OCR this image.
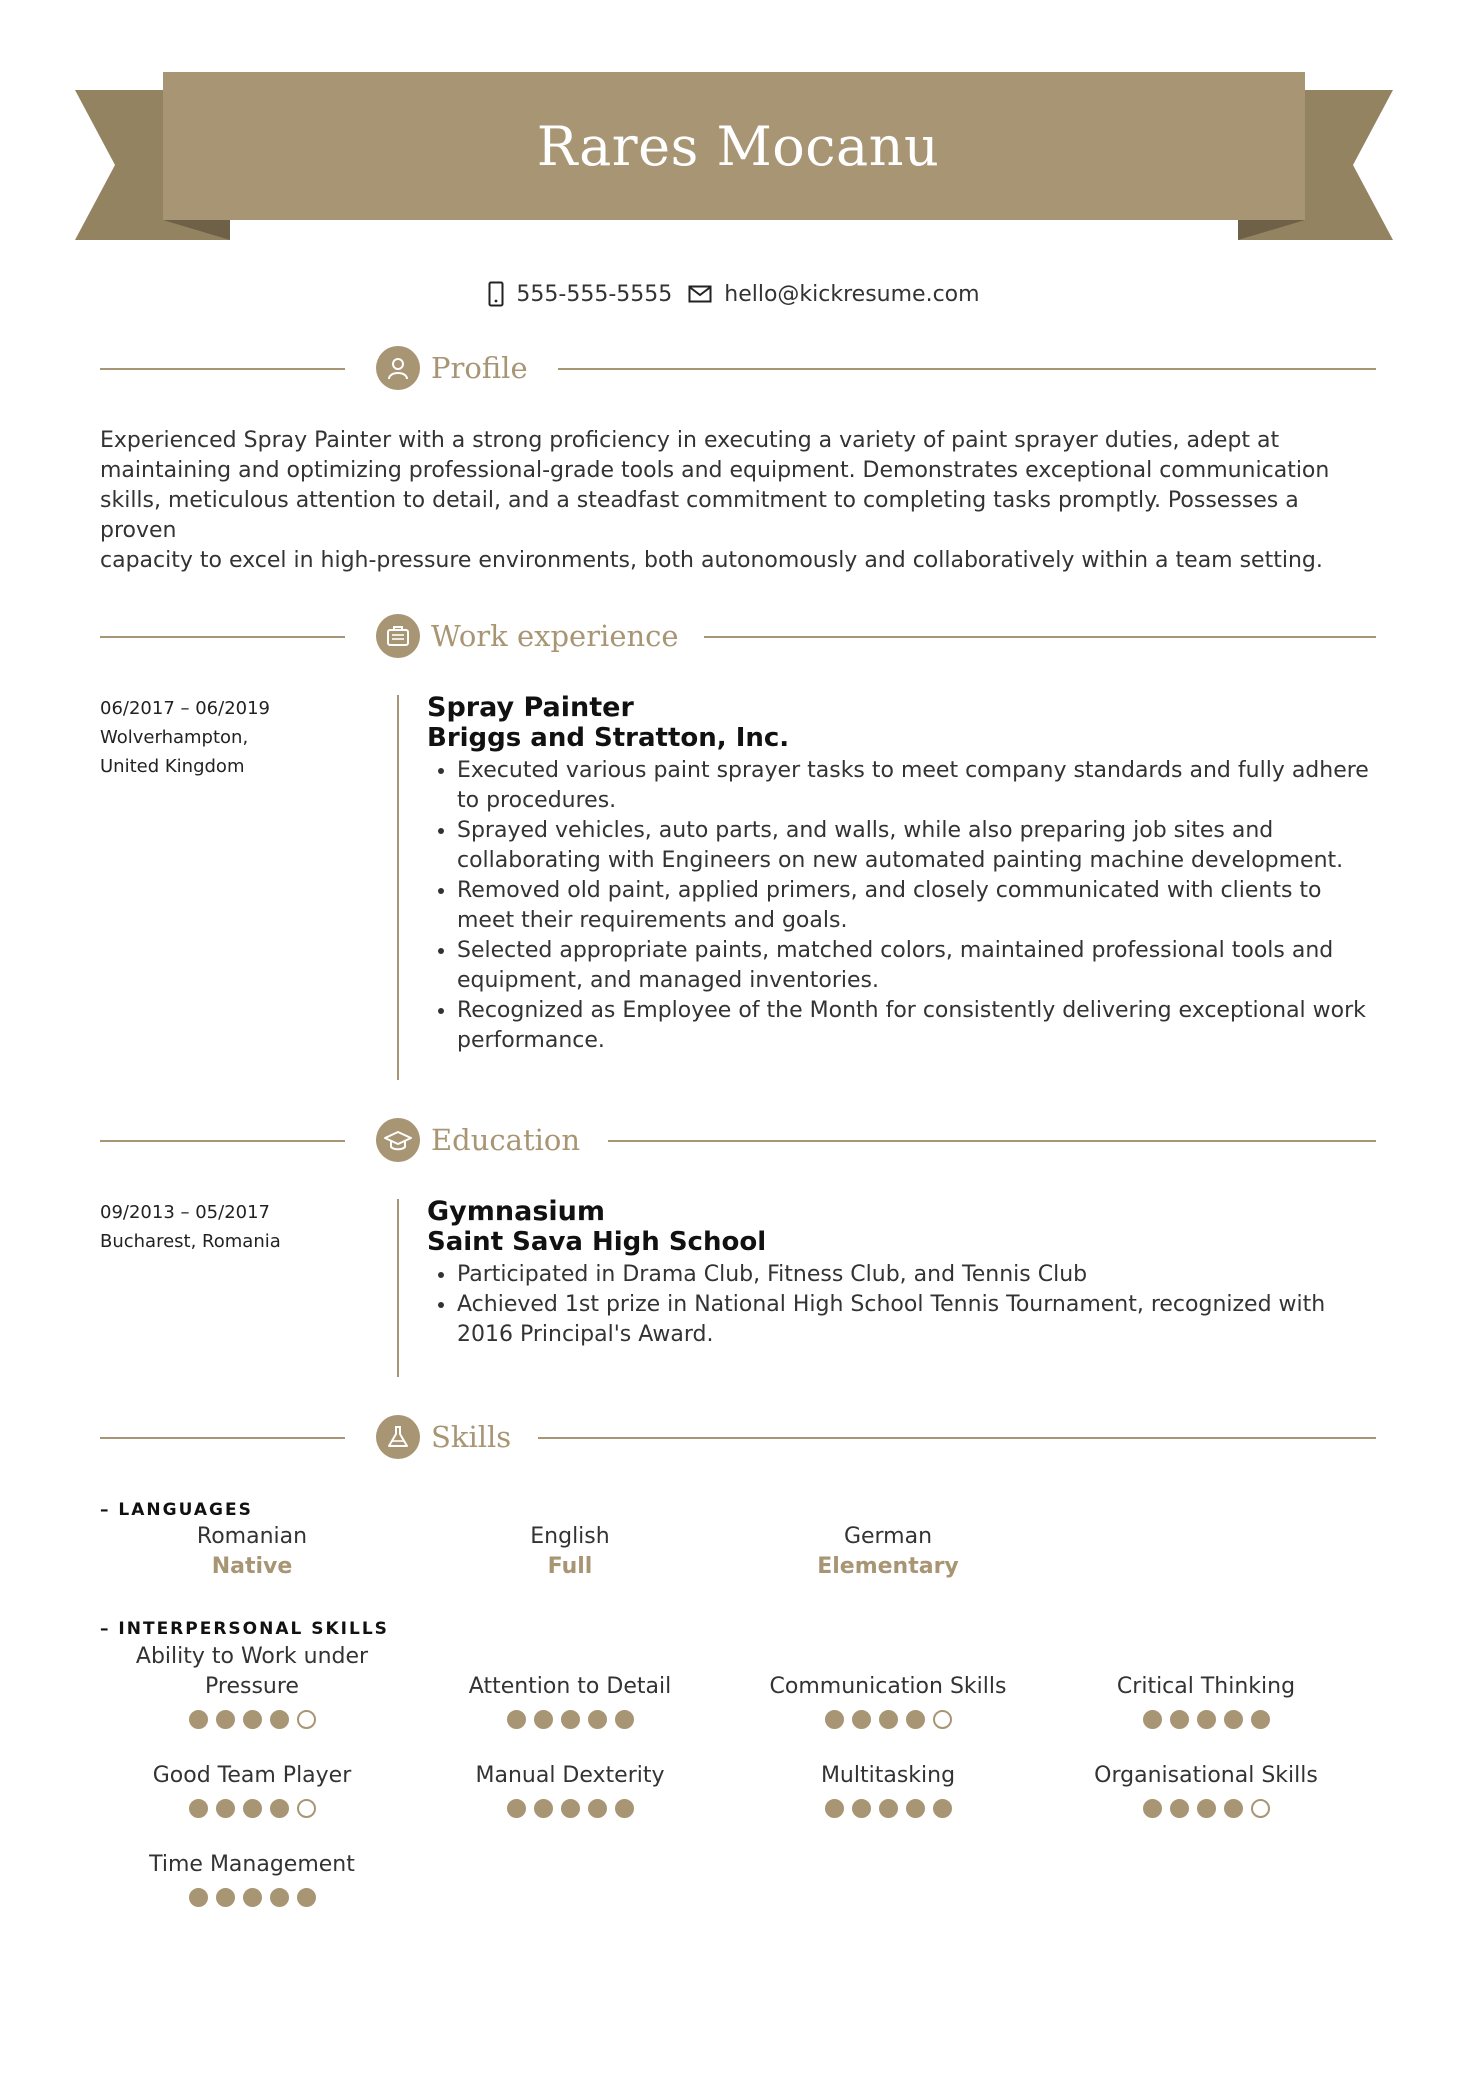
Rares Mocanu
555-555-5555 hello@kickresume.com
Profile
Experienced Spray Painter with a strong proficiency in executing a variety of paint sprayer duties, adept at
maintaining and optimizing professional-grade tools and equipment. Demonstrates exceptional communication
skills, meticulous attention to detail, and a steadfast commitment to completing tasks promptly. Possesses a proven
capacity to excel in high-pressure environments, both autonomously and collaboratively within a team setting.
Work experience
06/2017 – 06/2019
Wolverhampton,
United Kingdom
Spray Painter
Briggs and Stratton, Inc.
• Executed various paint sprayer tasks to meet company standards and fully adhere to procedures.
• Sprayed vehicles, auto parts, and walls, while also preparing job sites and collaborating with Engineers on new automated painting machine development.
• Removed old paint, applied primers, and closely communicated with clients to meet their requirements and goals.
• Selected appropriate paints, matched colors, maintained professional tools and equipment, and managed inventories.
• Recognized as Employee of the Month for consistently delivering exceptional work performance.
Education
09/2013 – 05/2017
Bucharest, Romania
Gymnasium
Saint Sava High School
• Participated in Drama Club, Fitness Club, and Tennis Club
• Achieved 1st prize in National High School Tennis Tournament, recognized with 2016 Principal's Award.
Skills
– LANGUAGES
Romanian
Native
English
Full
German
Elementary
– INTERPERSONAL SKILLS
Ability to Work under Pressure	Attention to Detail	Communication Skills	Critical Thinking
Good Team Player	Manual Dexterity	Multitasking	Organisational Skills
Time Management
